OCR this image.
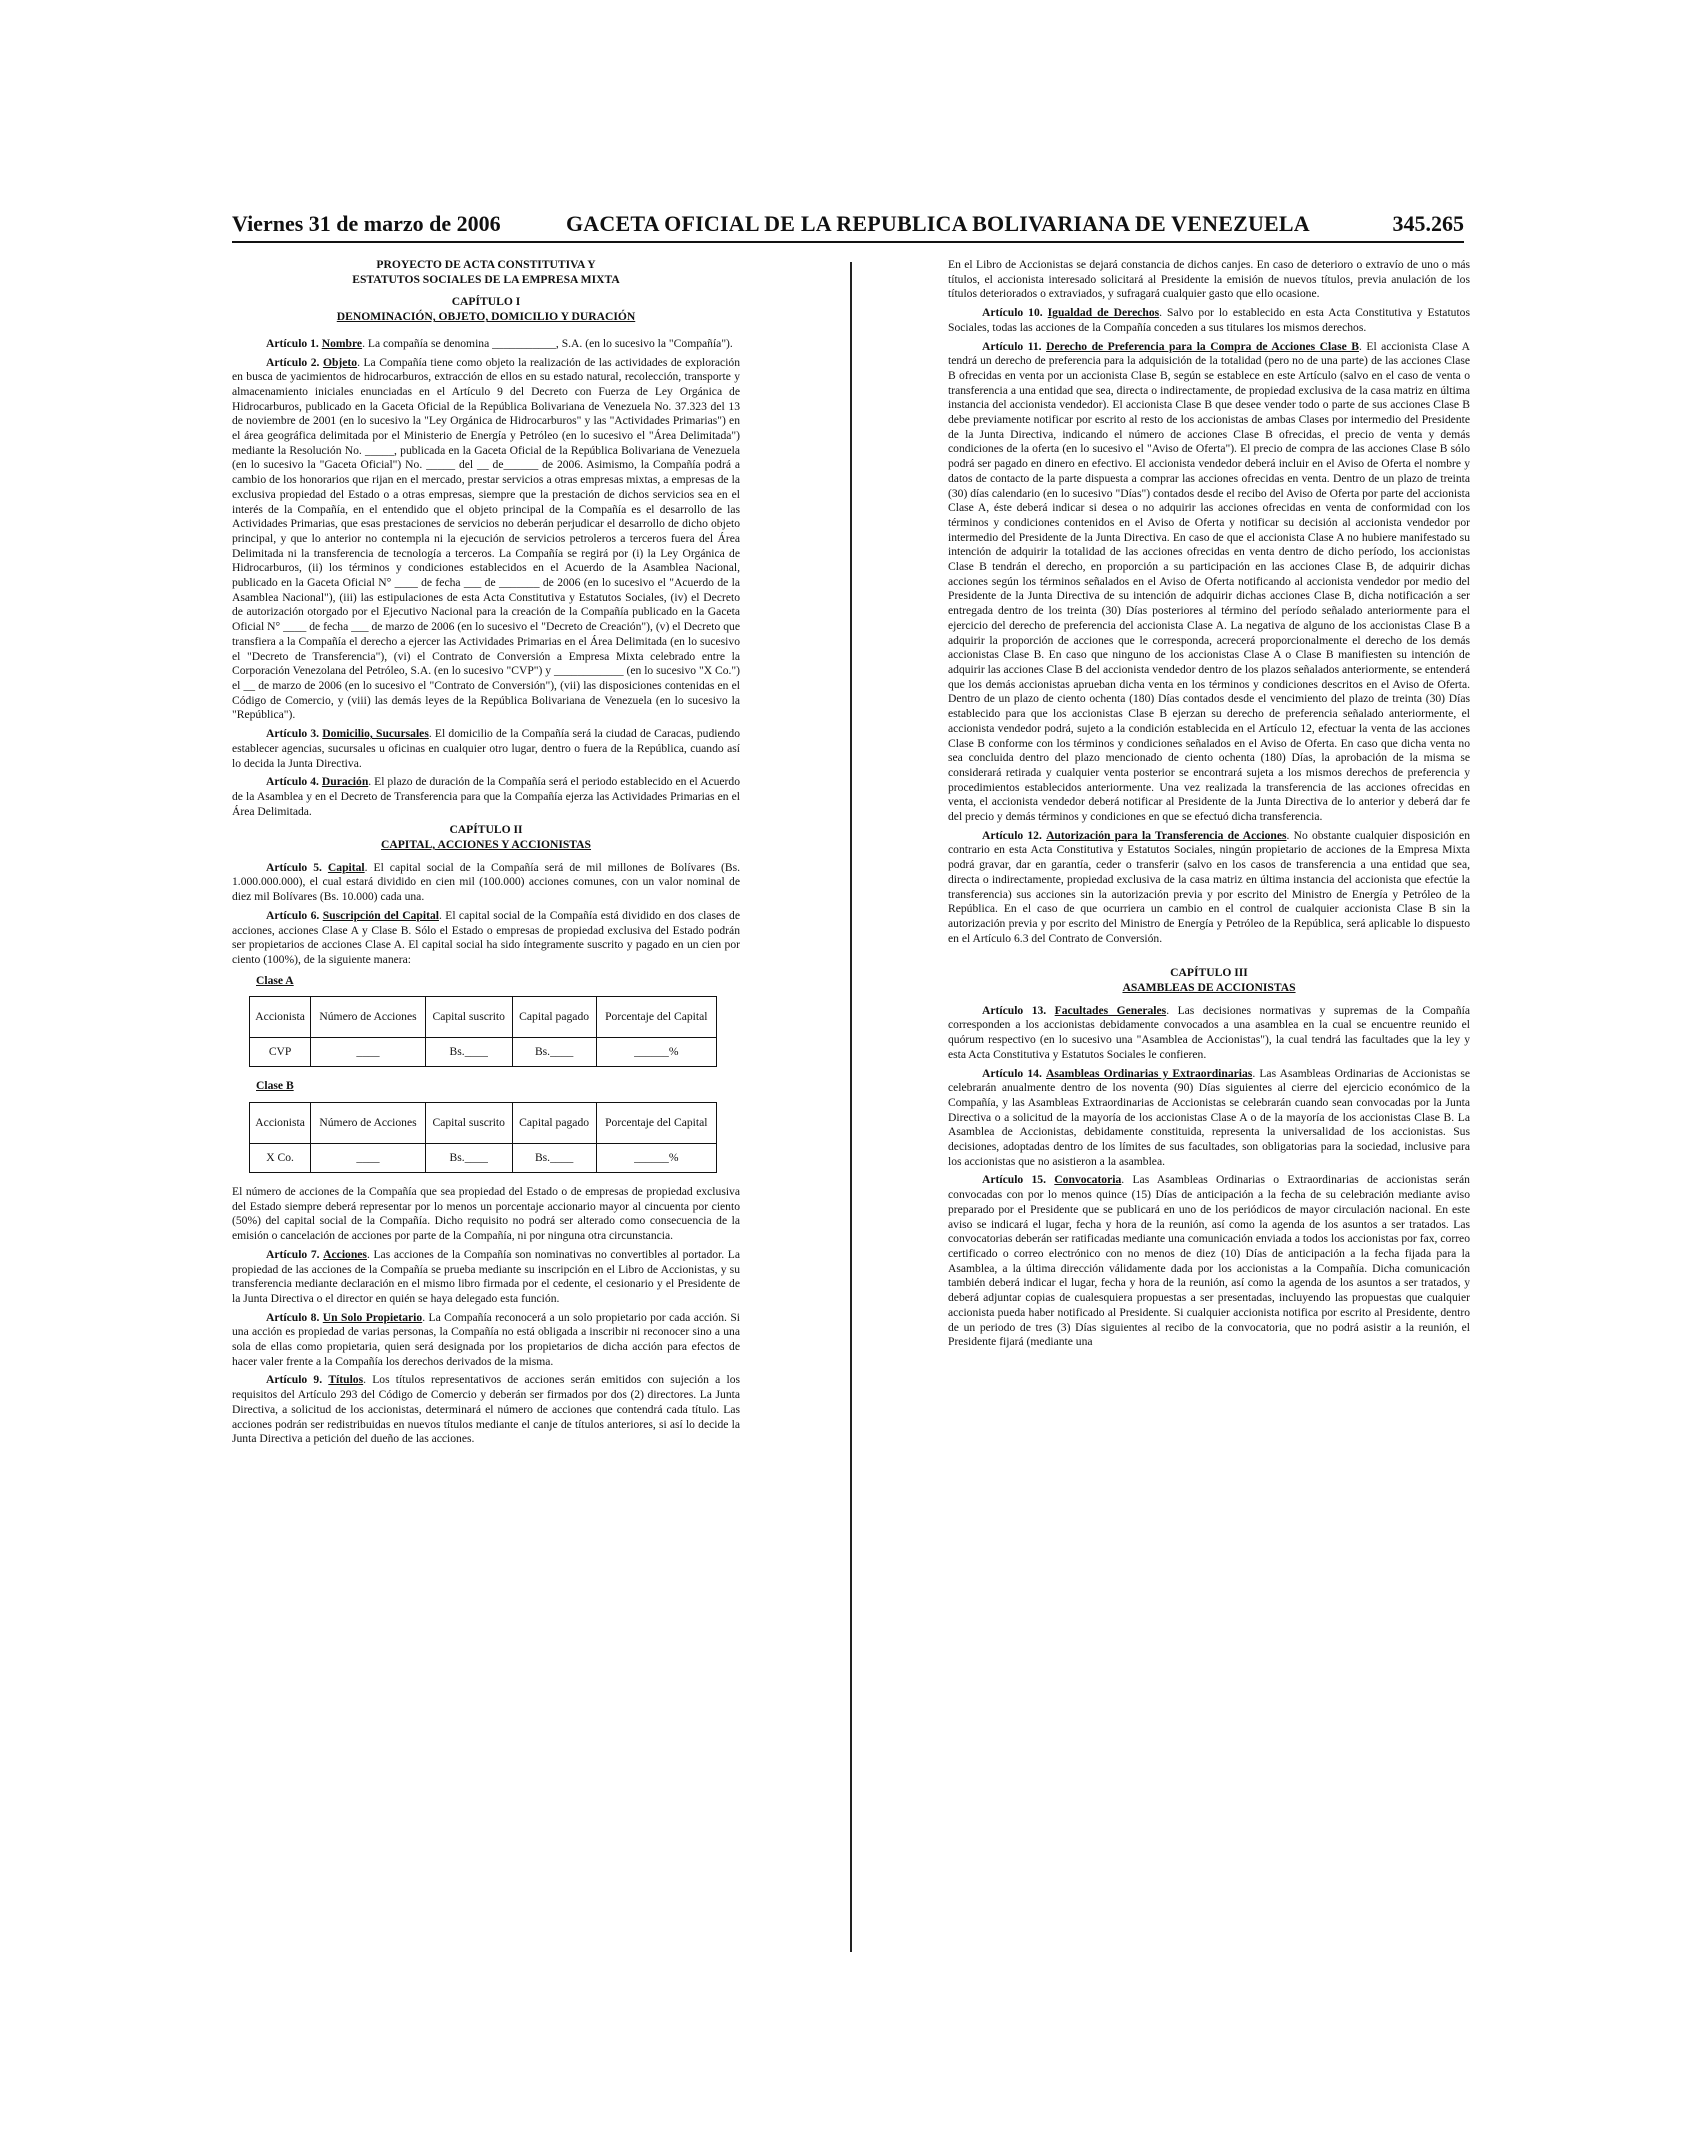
Viernes 31 de marzo de 2006	GACETA OFICIAL DE LA REPUBLICA BOLIVARIANA DE VENEZUELA	345.265
PROYECTO DE ACTA CONSTITUTIVA Y
ESTATUTOS SOCIALES DE LA EMPRESA MIXTA
CAPÍTULO I
DENOMINACIÓN, OBJETO, DOMICILIO Y DURACIÓN

Artículo 1. Nombre. La compañía se denomina ___________, S.A. (en lo sucesivo la "Compañía").

Artículo 2. Objeto. La Compañía tiene como objeto la realización de las actividades de exploración en busca de yacimientos de hidrocarburos, extracción de ellos en su estado natural, recolección, transporte y almacenamiento iniciales enunciadas en el Artículo 9 del Decreto con Fuerza de Ley Orgánica de Hidrocarburos, publicado en la Gaceta Oficial de la República Bolivariana de Venezuela No. 37.323 del 13 de noviembre de 2001 (en lo sucesivo la "Ley Orgánica de Hidrocarburos" y las "Actividades Primarias") en el área geográfica delimitada por el Ministerio de Energía y Petróleo (en lo sucesivo el "Área Delimitada") mediante la Resolución No. _____, publicada en la Gaceta Oficial de la República Bolivariana de Venezuela (en lo sucesivo la "Gaceta Oficial") No. _____ del __ de______ de 2006. Asimismo, la Compañía podrá a cambio de los honorarios que rijan en el mercado, prestar servicios a otras empresas mixtas, a empresas de la exclusiva propiedad del Estado o a otras empresas, siempre que la prestación de dichos servicios sea en el interés de la Compañía, en el entendido que el objeto principal de la Compañía es el desarrollo de las Actividades Primarias, que esas prestaciones de servicios no deberán perjudicar el desarrollo de dicho objeto principal, y que lo anterior no contempla ni la ejecución de servicios petroleros a terceros fuera del Área Delimitada ni la transferencia de tecnología a terceros. La Compañía se regirá por (i) la Ley Orgánica de Hidrocarburos, (ii) los términos y condiciones establecidos en el Acuerdo de la Asamblea Nacional, publicado en la Gaceta Oficial N° ____ de fecha ___ de _______ de 2006 (en lo sucesivo el "Acuerdo de la Asamblea Nacional"), (iii) las estipulaciones de esta Acta Constitutiva y Estatutos Sociales, (iv) el Decreto de autorización otorgado por el Ejecutivo Nacional para la creación de la Compañía publicado en la Gaceta Oficial N° ____ de fecha ___ de marzo de 2006 (en lo sucesivo el "Decreto de Creación"), (v) el Decreto que transfiera a la Compañía el derecho a ejercer las Actividades Primarias en el Área Delimitada (en lo sucesivo el "Decreto de Transferencia"), (vi) el Contrato de Conversión a Empresa Mixta celebrado entre la Corporación Venezolana del Petróleo, S.A. (en lo sucesivo "CVP") y ____________ (en lo sucesivo "X Co.") el __ de marzo de 2006 (en lo sucesivo el "Contrato de Conversión"), (vii) las disposiciones contenidas en el Código de Comercio, y (viii) las demás leyes de la República Bolivariana de Venezuela (en lo sucesivo la "República").

Artículo 3. Domicilio, Sucursales. El domicilio de la Compañía será la ciudad de Caracas, pudiendo establecer agencias, sucursales u oficinas en cualquier otro lugar, dentro o fuera de la República, cuando así lo decida la Junta Directiva.

Artículo 4. Duración. El plazo de duración de la Compañía será el periodo establecido en el Acuerdo de la Asamblea y en el Decreto de Transferencia para que la Compañía ejerza las Actividades Primarias en el Área Delimitada.

CAPÍTULO II
CAPITAL, ACCIONES Y ACCIONISTAS

Artículo 5. Capital. El capital social de la Compañía será de mil millones de Bolívares (Bs. 1.000.000.000), el cual estará dividido en cien mil (100.000) acciones comunes, con un valor nominal de diez mil Bolívares (Bs. 10.000) cada una.

Artículo 6. Suscripción del Capital. El capital social de la Compañía está dividido en dos clases de acciones, acciones Clase A y Clase B. Sólo el Estado o empresas de propiedad exclusiva del Estado podrán ser propietarios de acciones Clase A. El capital social ha sido íntegramente suscrito y pagado en un cien por ciento (100%), de la siguiente manera:

Clase A
Accionista	Número de Acciones	Capital suscrito	Capital pagado	Porcentaje del Capital
CVP	____	Bs.____	Bs.____	______%
Clase B
Accionista	Número de Acciones	Capital suscrito	Capital pagado	Porcentaje del Capital
X Co.	____	Bs.____	Bs.____	______%

El número de acciones de la Compañía que sea propiedad del Estado o de empresas de propiedad exclusiva del Estado siempre deberá representar por lo menos un porcentaje accionario mayor al cincuenta por ciento (50%) del capital social de la Compañía. Dicho requisito no podrá ser alterado como consecuencia de la emisión o cancelación de acciones por parte de la Compañía, ni por ninguna otra circunstancia.

Artículo 7. Acciones. Las acciones de la Compañía son nominativas no convertibles al portador. La propiedad de las acciones de la Compañía se prueba mediante su inscripción en el Libro de Accionistas, y su transferencia mediante declaración en el mismo libro firmada por el cedente, el cesionario y el Presidente de la Junta Directiva o el director en quién se haya delegado esta función.

Artículo 8. Un Solo Propietario. La Compañía reconocerá a un solo propietario por cada acción. Si una acción es propiedad de varias personas, la Compañía no está obligada a inscribir ni reconocer sino a una sola de ellas como propietaria, quien será designada por los propietarios de dicha acción para efectos de hacer valer frente a la Compañía los derechos derivados de la misma.

Artículo 9. Títulos. Los títulos representativos de acciones serán emitidos con sujeción a los requisitos del Artículo 293 del Código de Comercio y deberán ser firmados por dos (2) directores. La Junta Directiva, a solicitud de los accionistas, determinará el número de acciones que contendrá cada título. Las acciones podrán ser redistribuidas en nuevos títulos mediante el canje de títulos anteriores, si así lo decide la Junta Directiva a petición del dueño de las acciones.

En el Libro de Accionistas se dejará constancia de dichos canjes. En caso de deterioro o extravío de uno o más títulos, el accionista interesado solicitará al Presidente la emisión de nuevos títulos, previa anulación de los títulos deteriorados o extraviados, y sufragará cualquier gasto que ello ocasione.

Artículo 10. Igualdad de Derechos. Salvo por lo establecido en esta Acta Constitutiva y Estatutos Sociales, todas las acciones de la Compañía conceden a sus titulares los mismos derechos.

Artículo 11. Derecho de Preferencia para la Compra de Acciones Clase B. El accionista Clase A tendrá un derecho de preferencia para la adquisición de la totalidad (pero no de una parte) de las acciones Clase B ofrecidas en venta por un accionista Clase B, según se establece en este Artículo (salvo en el caso de venta o transferencia a una entidad que sea, directa o indirectamente, de propiedad exclusiva de la casa matriz en última instancia del accionista vendedor). El accionista Clase B que desee vender todo o parte de sus acciones Clase B debe previamente notificar por escrito al resto de los accionistas de ambas Clases por intermedio del Presidente de la Junta Directiva, indicando el número de acciones Clase B ofrecidas, el precio de venta y demás condiciones de la oferta (en lo sucesivo el "Aviso de Oferta"). El precio de compra de las acciones Clase B sólo podrá ser pagado en dinero en efectivo. El accionista vendedor deberá incluir en el Aviso de Oferta el nombre y datos de contacto de la parte dispuesta a comprar las acciones ofrecidas en venta. Dentro de un plazo de treinta (30) días calendario (en lo sucesivo "Días") contados desde el recibo del Aviso de Oferta por parte del accionista Clase A, éste deberá indicar si desea o no adquirir las acciones ofrecidas en venta de conformidad con los términos y condiciones contenidos en el Aviso de Oferta y notificar su decisión al accionista vendedor por intermedio del Presidente de la Junta Directiva. En caso de que el accionista Clase A no hubiere manifestado su intención de adquirir la totalidad de las acciones ofrecidas en venta dentro de dicho período, los accionistas Clase B tendrán el derecho, en proporción a su participación en las acciones Clase B, de adquirir dichas acciones según los términos señalados en el Aviso de Oferta notificando al accionista vendedor por medio del Presidente de la Junta Directiva de su intención de adquirir dichas acciones Clase B, dicha notificación a ser entregada dentro de los treinta (30) Días posteriores al término del período señalado anteriormente para el ejercicio del derecho de preferencia del accionista Clase A. La negativa de alguno de los accionistas Clase B a adquirir la proporción de acciones que le corresponda, acrecerá proporcionalmente el derecho de los demás accionistas Clase B. En caso que ninguno de los accionistas Clase A o Clase B manifiesten su intención de adquirir las acciones Clase B del accionista vendedor dentro de los plazos señalados anteriormente, se entenderá que los demás accionistas aprueban dicha venta en los términos y condiciones descritos en el Aviso de Oferta. Dentro de un plazo de ciento ochenta (180) Días contados desde el vencimiento del plazo de treinta (30) Días establecido para que los accionistas Clase B ejerzan su derecho de preferencia señalado anteriormente, el accionista vendedor podrá, sujeto a la condición establecida en el Artículo 12, efectuar la venta de las acciones Clase B conforme con los términos y condiciones señalados en el Aviso de Oferta. En caso que dicha venta no sea concluida dentro del plazo mencionado de ciento ochenta (180) Días, la aprobación de la misma se considerará retirada y cualquier venta posterior se encontrará sujeta a los mismos derechos de preferencia y procedimientos establecidos anteriormente. Una vez realizada la transferencia de las acciones ofrecidas en venta, el accionista vendedor deberá notificar al Presidente de la Junta Directiva de lo anterior y deberá dar fe del precio y demás términos y condiciones en que se efectuó dicha transferencia.

Artículo 12. Autorización para la Transferencia de Acciones. No obstante cualquier disposición en contrario en esta Acta Constitutiva y Estatutos Sociales, ningún propietario de acciones de la Empresa Mixta podrá gravar, dar en garantía, ceder o transferir (salvo en los casos de transferencia a una entidad que sea, directa o indirectamente, propiedad exclusiva de la casa matriz en última instancia del accionista que efectúe la transferencia) sus acciones sin la autorización previa y por escrito del Ministro de Energía y Petróleo de la República. En el caso de que ocurriera un cambio en el control de cualquier accionista Clase B sin la autorización previa y por escrito del Ministro de Energía y Petróleo de la República, será aplicable lo dispuesto en el Artículo 6.3 del Contrato de Conversión.

CAPÍTULO III
ASAMBLEAS DE ACCIONISTAS

Artículo 13. Facultades Generales. Las decisiones normativas y supremas de la Compañía corresponden a los accionistas debidamente convocados a una asamblea en la cual se encuentre reunido el quórum respectivo (en lo sucesivo una "Asamblea de Accionistas"), la cual tendrá las facultades que la ley y esta Acta Constitutiva y Estatutos Sociales le confieren.

Artículo 14. Asambleas Ordinarias y Extraordinarias. Las Asambleas Ordinarias de Accionistas se celebrarán anualmente dentro de los noventa (90) Días siguientes al cierre del ejercicio económico de la Compañía, y las Asambleas Extraordinarias de Accionistas se celebrarán cuando sean convocadas por la Junta Directiva o a solicitud de la mayoría de los accionistas Clase A o de la mayoría de los accionistas Clase B. La Asamblea de Accionistas, debidamente constituida, representa la universalidad de los accionistas. Sus decisiones, adoptadas dentro de los límites de sus facultades, son obligatorias para la sociedad, inclusive para los accionistas que no asistieron a la asamblea.

Artículo 15. Convocatoria. Las Asambleas Ordinarias o Extraordinarias de accionistas serán convocadas con por lo menos quince (15) Días de anticipación a la fecha de su celebración mediante aviso preparado por el Presidente que se publicará en uno de los periódicos de mayor circulación nacional. En este aviso se indicará el lugar, fecha y hora de la reunión, así como la agenda de los asuntos a ser tratados. Las convocatorias deberán ser ratificadas mediante una comunicación enviada a todos los accionistas por fax, correo certificado o correo electrónico con no menos de diez (10) Días de anticipación a la fecha fijada para la Asamblea, a la última dirección válidamente dada por los accionistas a la Compañía. Dicha comunicación también deberá indicar el lugar, fecha y hora de la reunión, así como la agenda de los asuntos a ser tratados, y deberá adjuntar copias de cualesquiera propuestas a ser presentadas, incluyendo las propuestas que cualquier accionista pueda haber notificado al Presidente. Si cualquier accionista notifica por escrito al Presidente, dentro de un periodo de tres (3) Días siguientes al recibo de la convocatoria, que no podrá asistir a la reunión, el Presidente fijará (mediante una
